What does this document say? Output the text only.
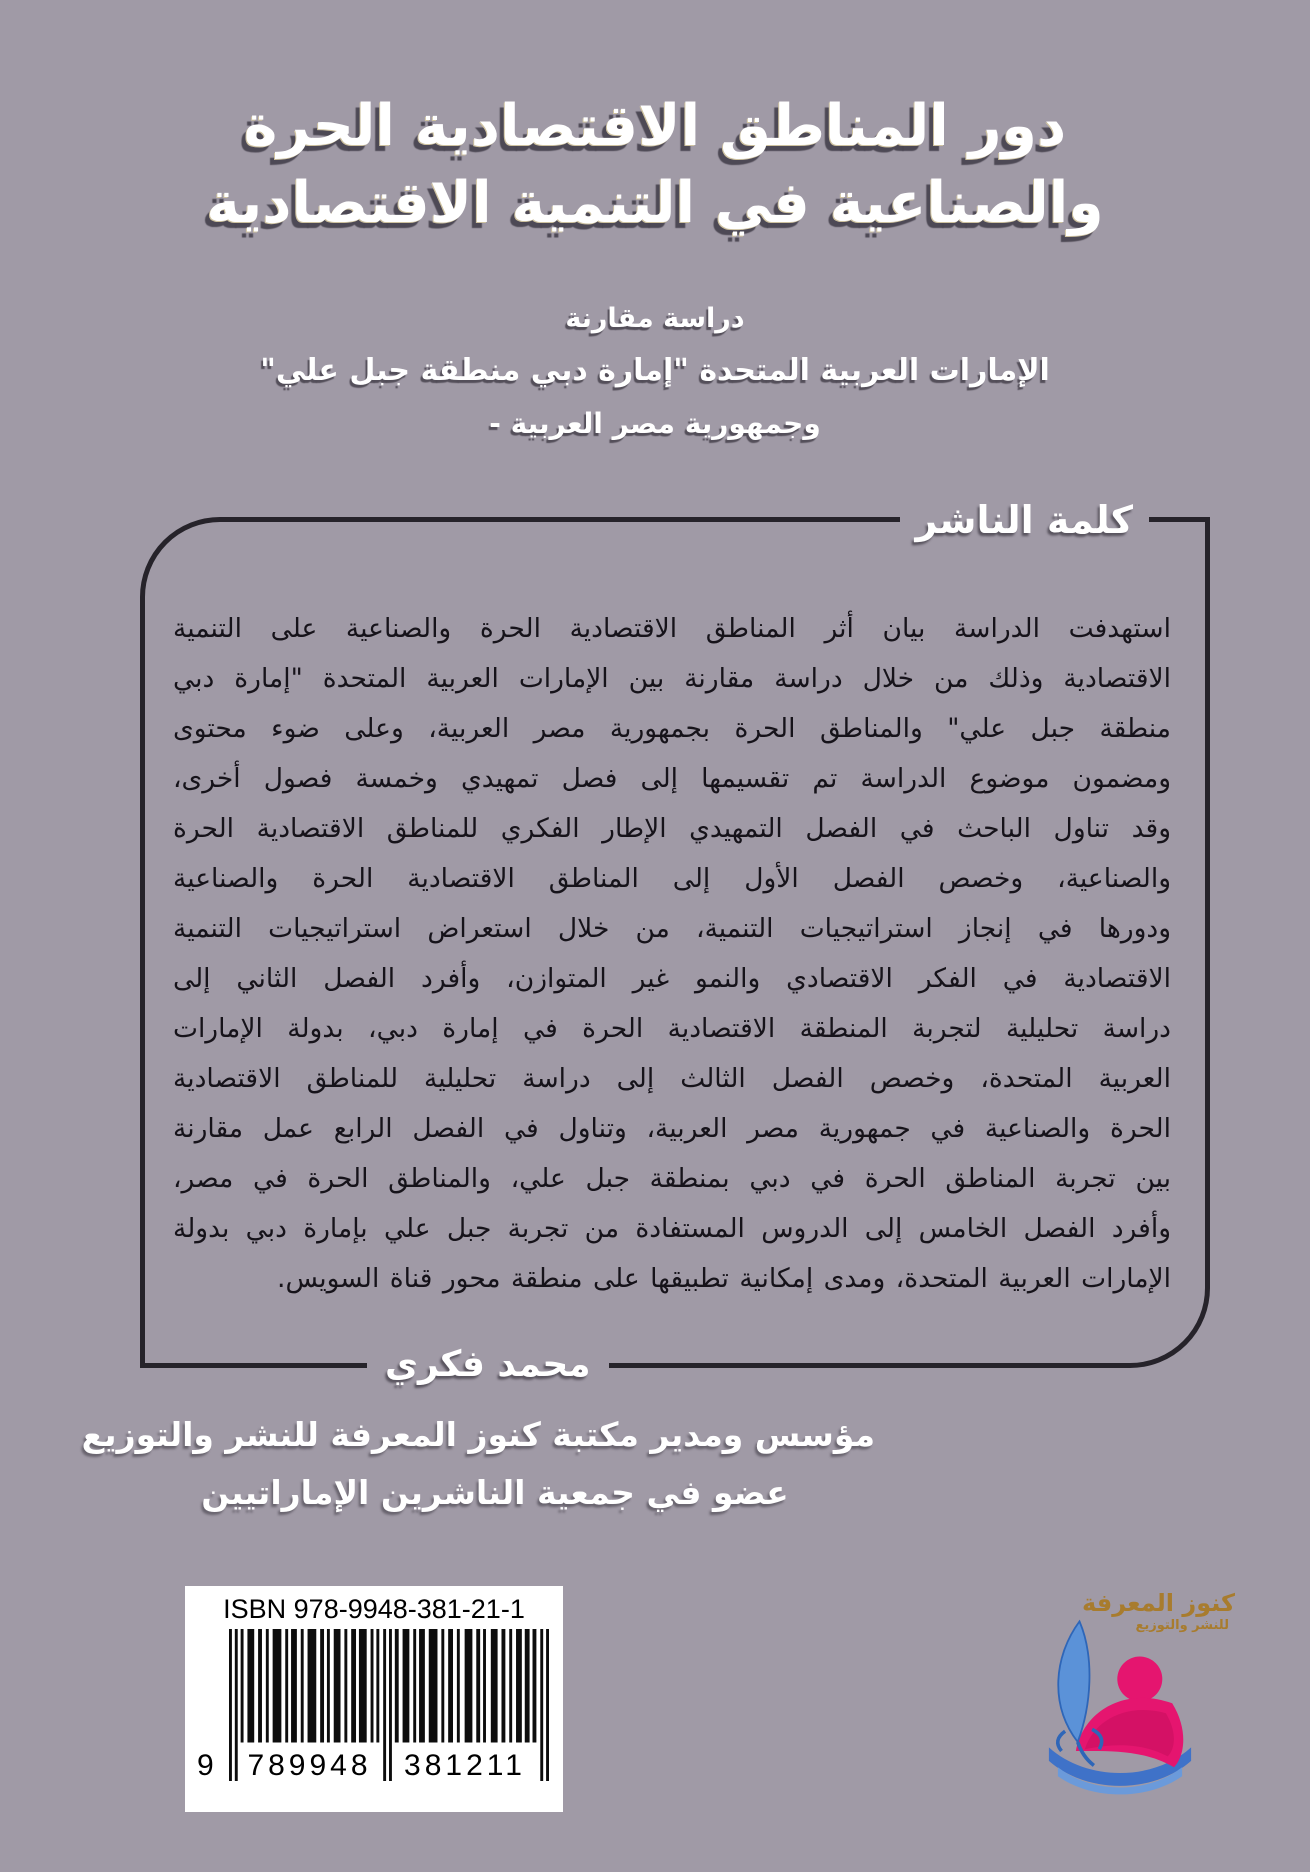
دور المناطق الاقتصادية الحرة
والصناعية في التنمية الاقتصادية
دراسة مقارنة
الإمارات العربية المتحدة "إمارة دبي منطقة جبل علي"
وجمهورية مصر العربية -
كلمة الناشر
استهدفت الدراسة بيان أثر المناطق الاقتصادية الحرة والصناعية على التنمية
الاقتصادية وذلك من خلال دراسة مقارنة بين الإمارات العربية المتحدة "إمارة دبي
منطقة جبل علي" والمناطق الحرة بجمهورية مصر العربية، وعلى ضوء محتوى
ومضمون موضوع الدراسة تم تقسيمها إلى فصل تمهيدي وخمسة فصول أخرى،
وقد تناول الباحث في الفصل التمهيدي الإطار الفكري للمناطق الاقتصادية الحرة
والصناعية، وخصص الفصل الأول إلى المناطق الاقتصادية الحرة والصناعية
ودورها في إنجاز استراتيجيات التنمية، من خلال استعراض استراتيجيات التنمية
الاقتصادية في الفكر الاقتصادي والنمو غير المتوازن، وأفرد الفصل الثاني إلى
دراسة تحليلية لتجربة المنطقة الاقتصادية الحرة في إمارة دبي، بدولة الإمارات
العربية المتحدة، وخصص الفصل الثالث إلى دراسة تحليلية للمناطق الاقتصادية
الحرة والصناعية في جمهورية مصر العربية، وتناول في الفصل الرابع عمل مقارنة
بين تجربة المناطق الحرة في دبي بمنطقة جبل علي، والمناطق الحرة في مصر،
وأفرد الفصل الخامس إلى الدروس المستفادة من تجربة جبل علي بإمارة دبي بدولة
الإمارات العربية المتحدة، ومدى إمكانية تطبيقها على منطقة محور قناة السويس.
محمد فكري
مؤسس ومدير مكتبة كنوز المعرفة للنشر والتوزيع
عضو في جمعية الناشرين الإماراتيين
ISBN 978-9948-381-21-1
9	789948	381211
كنوز المعرفة
للنشر والتوزيع
